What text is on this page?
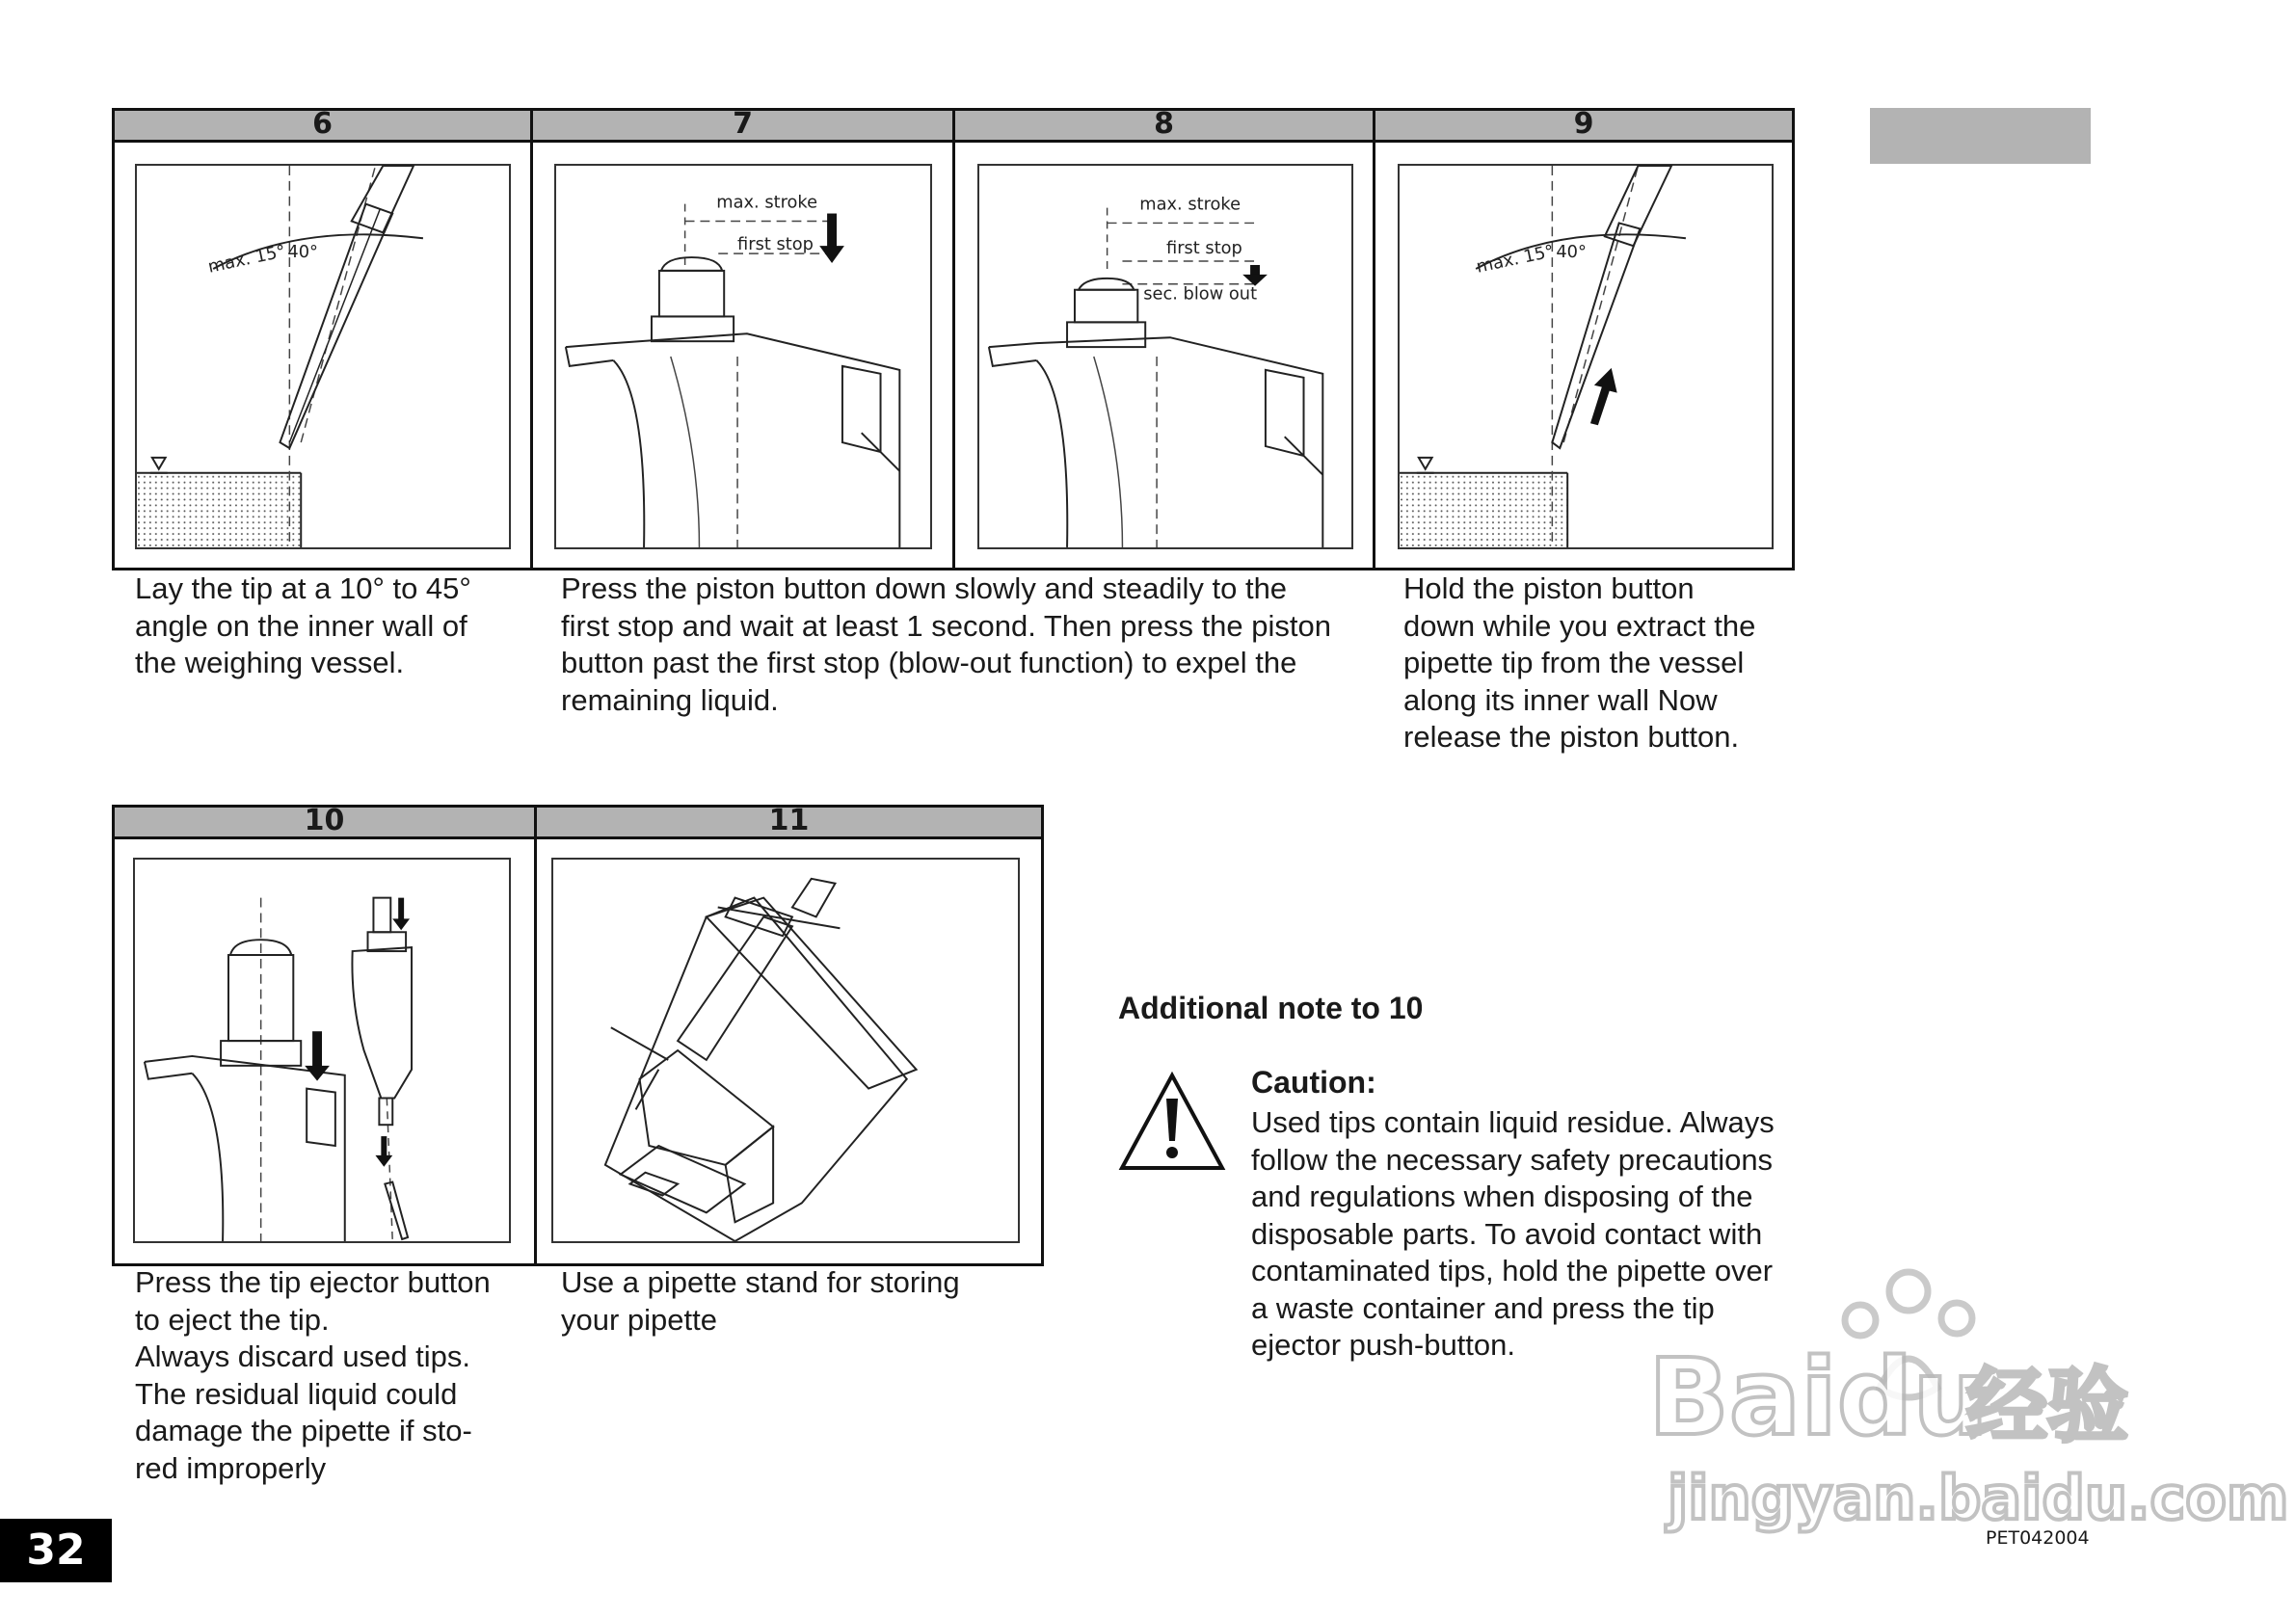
6	7	8	9
max. 15° 40°
max. stroke
first stop
max. stroke
first stop
sec. blow out
max. 15° 40°
Lay the tip at a 10° to 45°
angle on the inner wall of
the weighing vessel.
Press the piston button down slowly and steadily to the
first stop and wait at least 1 second. Then press the piston
button past the first stop (blow-out function) to expel the
remaining liquid.
Hold the piston button
down while you extract the
pipette tip from the vessel
along its inner wall Now
release the piston button.
10	11
Press the tip ejector button
to eject the tip.
Always discard used tips.
The residual liquid could
damage the pipette if sto-
red improperly
Use a pipette stand for storing
your pipette
Additional note to 10
Caution:
Used tips contain liquid residue. Always follow the necessary safety precautions and regulations when disposing of the disposable parts. To avoid contact with contaminated tips, hold the pipette over a waste container and press the tip ejector push-button.	Baidu
经验
jingyan.baidu.com
PET042004
32
